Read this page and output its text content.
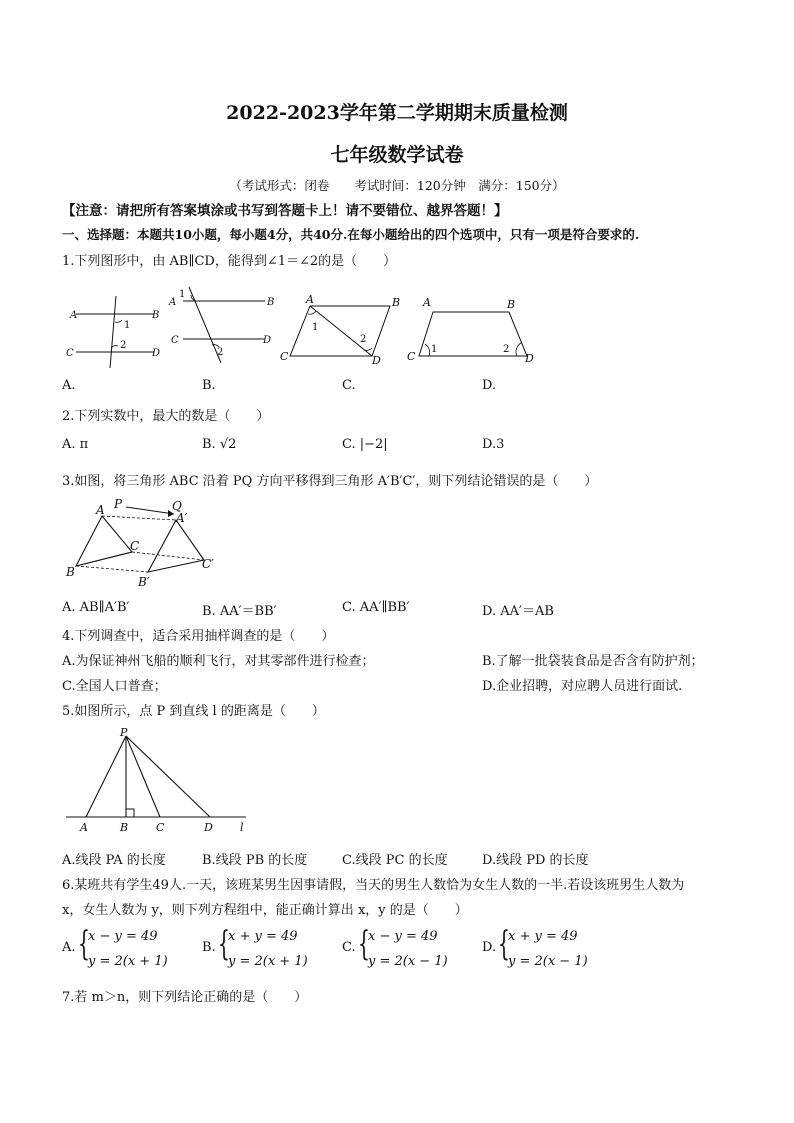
2022-2023学年第二学期期末质量检测
七年级数学试卷
（考试形式：闭卷　　考试时间：120分钟　满分：150分）
【注意：请把所有答案填涂或书写到答题卡上！请不要错位、越界答题！】
一、选择题：本题共10小题，每小题4分，共40分.在每小题给出的四个选项中，只有一项是符合要求的.
1.下列图形中，由 AB∥CD，能得到∠1＝∠2的是（　　）
A	B
C	D
1
2
A	B
C	D
1
2
A	B
C	D
1
2
A	B
C	D
1	2
A.	B.	C.	D.
2.下列实数中，最大的数是（　　）
A. π	B. √2	C. |−2|	D.3
3.如图，将三角形 ABC 沿着 PQ 方向平移得到三角形 A′B′C′，则下列结论错误的是（　　）
P	Q
A
A′
B
B′
C
C′
A. AB∥A′B′	B. AA′＝BB′	C. AA′∥BB′	D. AA′＝AB
4.下列调查中，适合采用抽样调查的是（　　）
A.为保证神州飞船的顺利飞行，对其零部件进行检查；	B.了解一批袋装食品是否含有防护剂；
C.全国人口普查；	D.企业招聘，对应聘人员进行面试.
5.如图所示，点 P 到直线 l 的距离是（　　）
P
A	B	C	D l
A.线段 PA 的长度	B.线段 PB 的长度	C.线段 PC 的长度	D.线段 PD 的长度
6.某班共有学生49人.一天，该班某男生因事请假，当天的男生人数恰为女生人数的一半.若设该班男生人数为
x，女生人数为 y，则下列方程组中，能正确计算出 x，y 的是（　　）
A. {
x − y = 49
y = 2(x + 1)
B. {
x + y = 49
y = 2(x + 1)
C. {
x − y = 49
y = 2(x − 1)
D. {
x + y = 49
y = 2(x − 1)
7.若 m＞n，则下列结论正确的是（　　）
